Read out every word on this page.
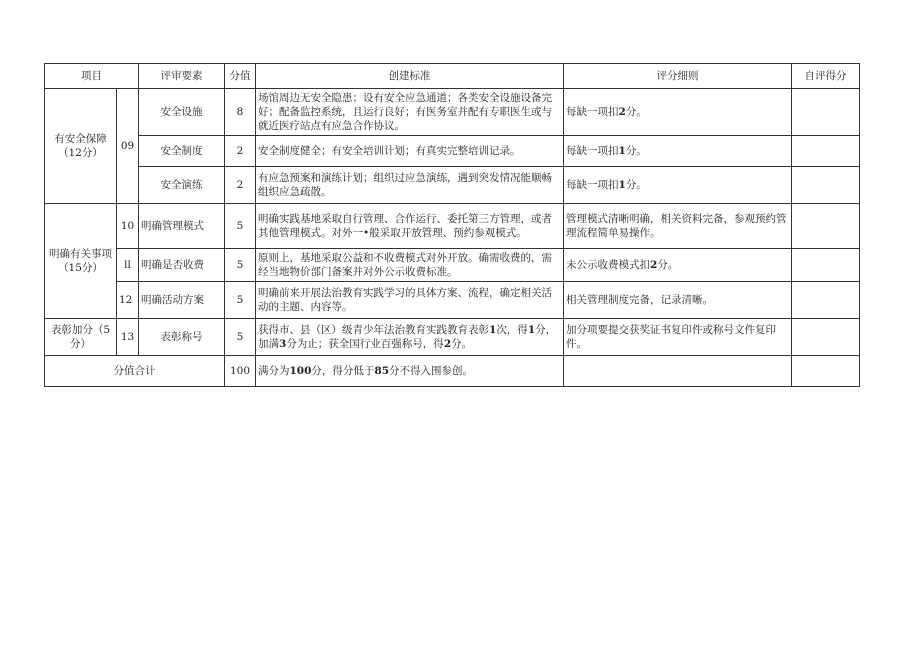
项目		评审要素	分值	创建标准	评分细则	自评得分
有安全保障（12分）	09	安全设施	8	场馆周边无安全隐患；设有安全应急通道；各类安全设施设备完好；配备监控系统，且运行良好；有医务室并配有专职医生或与就近医疗站点有应急合作协议。	每缺一项扣2分。	
		安全制度	2	安全制度健全；有安全培训计划；有真实完整培训记录。	每缺一项扣1分。	
		安全演练	2	有应急预案和演练计划；组织过应急演练，遇到突发情况能顺畅组织应急疏散。	每缺一项扣1分。	
明确有关事项（15分）	10	明确管理模式	5	明确实践基地采取自行管理、合作运行、委托第三方管理，或者其他管理模式。对外一•般采取开放管理、预约参观模式。	管理模式清晰明确，相关资料完备，参观预约管理流程简单易操作。	
	ll	明确是否收费	5	原则上，基地采取公益和不收费模式对外开放。确需收费的，需经当地物价部门备案并对外公示收费标准。	未公示收费模式扣2分。	
	12	明确活动方案	5	明确前来开展法治教育实践学习的具体方案、流程，确定相关活动的主题、内容等。	相关管理制度完备，记录清晰。	
表彰加分（5分）	13	表彰称号	5	获得市、县（区）级青少年法治教育实践教育表彰1次，得1分，加满3分为止；获全国行业百强称号，得2分。	加分项要提交获奖证书复印件或称号文件复印件。	
分值合计			100	满分为100分，得分低于85分不得入围参创。		
